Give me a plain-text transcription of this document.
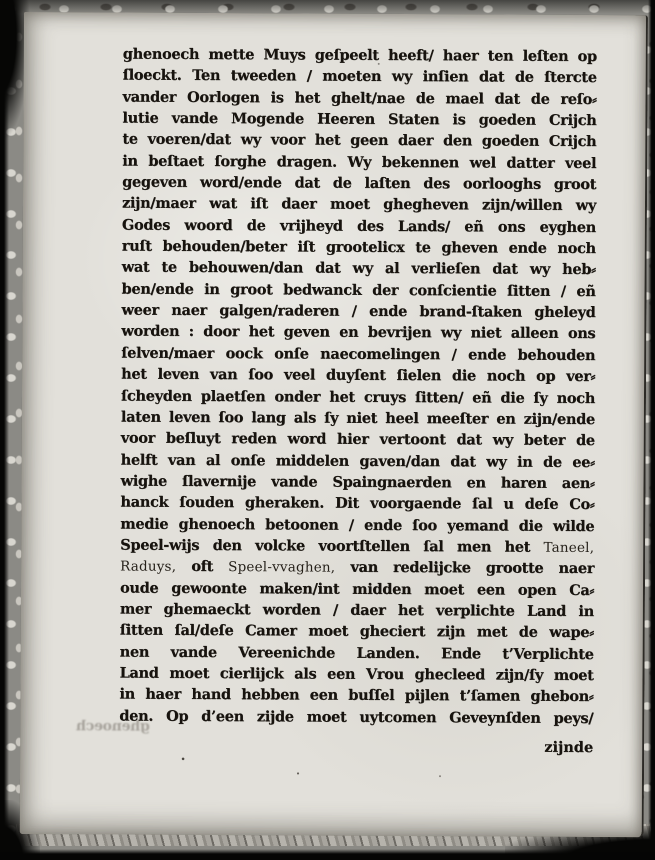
ghenoech mette Muys geſpeelt heeft/ haer ten leſten op
ſloeckt. Ten tweeden / moeten wy inſien dat de ſtercte
vander Oorlogen is het ghelt/nae de mael dat de reſo⸗
lutie vande Mogende Heeren Staten is goeden Crijch
te voeren/dat wy voor het geen daer den goeden Crijch
in beſtaet ſorghe dragen. Wy bekennen wel datter veel
gegeven word/ende dat de laſten des oorlooghs groot
zijn/maer wat iſt daer moet ghegheven zijn/willen wy
Godes woord de vrijheyd des Lands/ eñ ons eyghen
ruſt behouden/beter iſt grootelicx te gheven ende noch
wat te behouwen/dan dat wy al verlieſen dat wy heb⸗
ben/ende in groot bedwanck der conſcientie ſitten / eñ
weer naer galgen/raderen / ende brand-ſtaken gheleyd
worden : door het geven en bevrijen wy niet alleen ons
ſelven/maer oock onſe naecomelingen / ende behouden
het leven van ſoo veel duyſent ſielen die noch op ver⸗
ſcheyden plaetſen onder het cruys ſitten/ eñ die ſy noch
laten leven ſoo lang als ſy niet heel meeſter en zijn/ende
voor beſluyt reden word hier vertoont dat wy beter de
helft van al onſe middelen gaven/dan dat wy in de ee⸗
wighe ſlavernije vande Spaingnaerden en haren aen⸗
hanck ſouden gheraken. Dit voorgaende ſal u deſe Co⸗
medie ghenoech betoonen / ende ſoo yemand die wilde
Speel-wijs den volcke voortſtellen ſal men het Taneel,
Raduys, oft Speel-vvaghen, van redelijcke grootte naer
oude gewoonte maken/int midden moet een open Ca⸗
mer ghemaeckt worden / daer het verplichte Land in
ſitten ſal/deſe Camer moet gheciert zijn met de wape⸗
nen vande Vereenichde Landen. Ende t’Verplichte
Land moet cierlijck als een Vrou ghecleed zijn/ſy moet
in haer hand hebben een buſſel pijlen t’ſamen ghebon⸗
den. Op d’een zijde moet uytcomen Geveynſden peys/
zijnde
ghenoech
